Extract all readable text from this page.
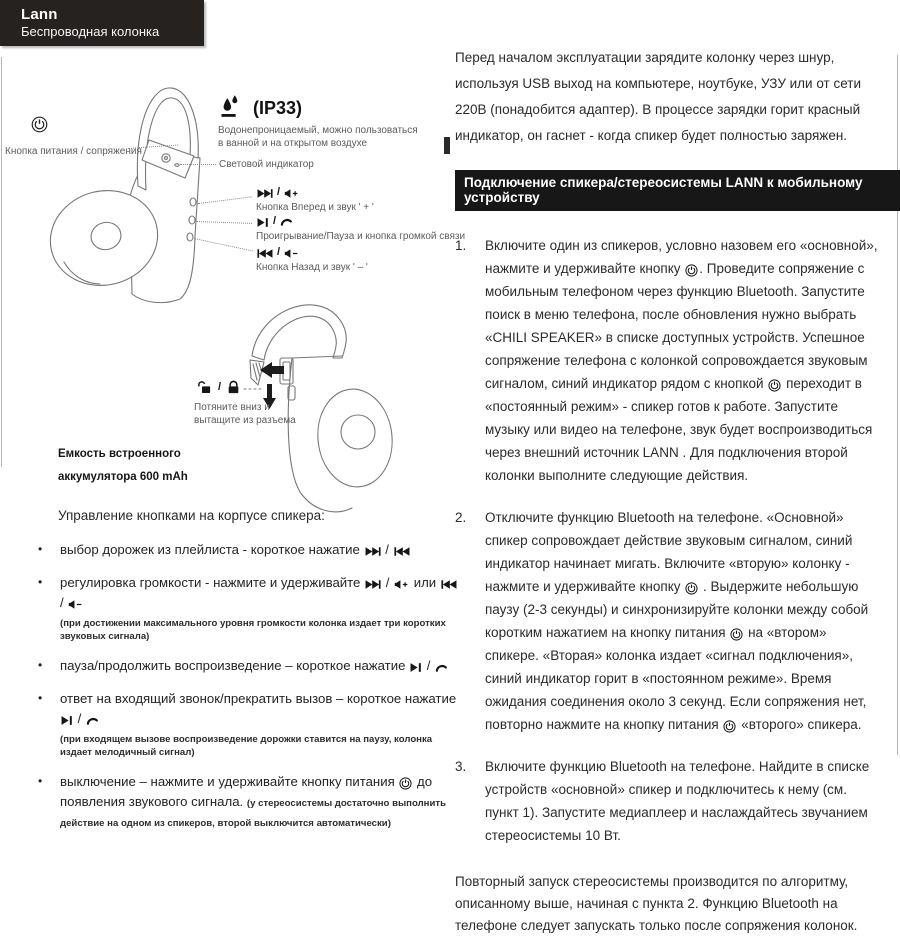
Lann
Беспроводная колонка
Кнопка питания / сопряжения
(IP33)
Водонепроницаемый, можно пользоваться
в ванной и на открытом воздухе
Световой индикатор
/
Кнопка Вперед и звук ' + '
/
Проигрывание/Пауза и кнопка громкой связи
/
Кнопка Назад и звук ' – '
/
Потяните вниз и
вытащите из разъема
Емкость встроенного
аккумулятора 600 mAh
Управление кнопками на корпусе спикера:
•	выбор дорожек из плейлиста - короткое нажатие  /
•	регулировка громкости - нажмите и удерживайте  /  или  /
(при достижении максимального уровня громкости колонка издает три коротких звуковых сигнала)
•	пауза/продолжить воспроизведение – короткое нажатие  /
•	ответ на входящий звонок/прекратить вызов – короткое нажатие  /
(при входящем вызове воспроизведение дорожки ставится на паузу, колонка издает мелодичный сигнал)
•	выключение – нажмите и удерживайте кнопку питания  до появления звукового сигнала. (у стереосистемы достаточно выполнить действие на одном из спикеров, второй выключится автоматически)

Перед началом эксплуатации зарядите колонку через шнур, используя USB выход на компьютере, ноутбуке, УЗУ или от сети 220В (понадобится адаптер). В процессе зарядки горит красный индикатор, он гаснет - когда спикер будет полностью заряжен.

Подключение спикера/стереосистемы LANN к мобильному устройству
1.	Включите один из спикеров, условно назовем его «основной», нажмите и удерживайте кнопку . Проведите сопряжение с мобильным телефоном через функцию Bluetooth. Запустите поиск в меню телефона, после обновления нужно выбрать «CHILI SPEAKER» в списке доступных устройств. Успешное сопряжение телефона с колонкой сопровождается звуковым сигналом, синий индикатор рядом с кнопкой  переходит в «постоянный режим» - спикер готов к работе. Запустите музыку или видео на телефоне, звук будет воспроизводиться через внешний источник LANN . Для подключения второй колонки выполните следующие действия.
2.	Отключите функцию Bluetooth на телефоне. «Основной» спикер сопровождает действие звуковым сигналом, синий индикатор начинает мигать. Включите «вторую» колонку - нажмите и удерживайте кнопку  . Выдержите небольшую паузу (2-3 секунды) и синхронизируйте колонки между собой коротким нажатием на кнопку питания  на «втором» спикере. «Вторая» колонка издает «сигнал подключения», синий индикатор горит в «постоянном режиме». Время ожидания соединения около 3 секунд. Если сопряжения нет, повторно нажмите на кнопку питания  «второго» спикера.
3.	Включите функцию Bluetooth на телефоне. Найдите в списке устройств «основной» спикер и подключитесь к нему (см. пункт 1). Запустите медиаплеер и наслаждайтесь звучанием стереосистемы 10 Вт.

Повторный запуск стереосистемы производится по алгоритму, описанному выше, начиная с пункта 2. Функцию Bluetooth на телефоне следует запускать только после сопряжения колонок.
